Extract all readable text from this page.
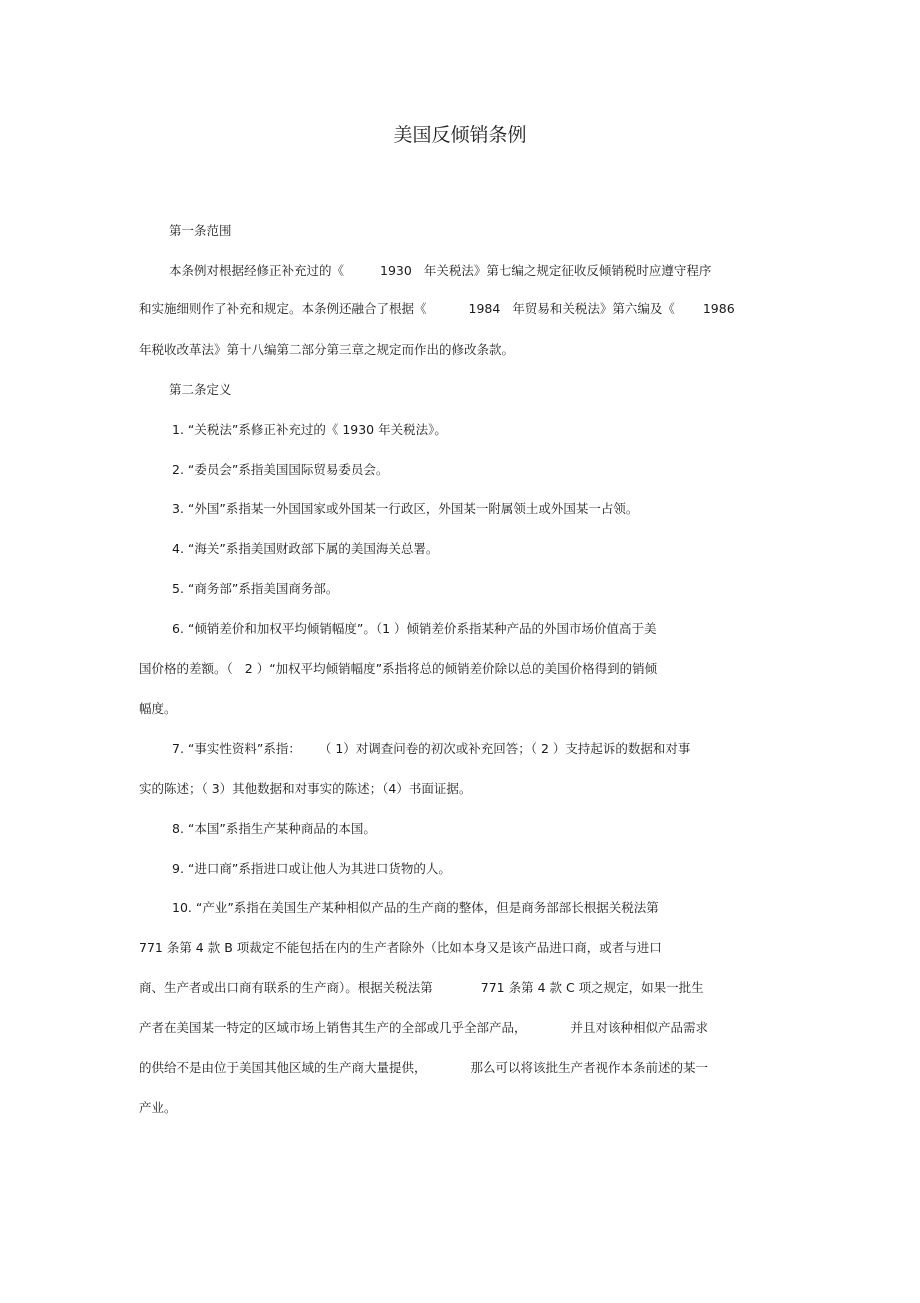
美国反倾销条例
第一条范围
本条例对根据经修正补充过的《	1930 年关税法》第七编之规定征收反倾销税时应遵守程序
和实施细则作了补充和规定。本条例还融合了根据《	1984 年贸易和关税法》第六编及《 1986
年税收改革法》第十八编第二部分第三章之规定而作出的修改条款。
第二条定义
1. “关税法”系修正补充过的《 1930 年关税法》。
2. “委员会”系指美国国际贸易委员会。
3. “外国”系指某一外国国家或外国某一行政区，外国某一附属领土或外国某一占领。
4. “海关”系指美国财政部下属的美国海关总署。
5. “商务部”系指美国商务部。
6. “倾销差价和加权平均倾销幅度”。（1 ）倾销差价系指某种产品的外国市场价值高于美
国价格的差额。（ 2 ）“加权平均倾销幅度”系指将总的倾销差价除以总的美国价格得到的销倾
幅度。
7. “事实性资料”系指： （ 1）对调查问卷的初次或补充回答；（ 2 ）支持起诉的数据和对事
实的陈述；（ 3）其他数据和对事实的陈述；（4）书面证据。
8. “本国”系指生产某种商品的本国。
9. “进口商”系指进口或让他人为其进口货物的人。
10. “产业”系指在美国生产某种相似产品的生产商的整体，但是商务部部长根据关税法第
771 条第 4 款 B 项裁定不能包括在内的生产者除外（比如本身又是该产品进口商，或者与进口
商、生产者或出口商有联系的生产商）。根据关税法第	771 条第 4 款 C 项之规定，如果一批生
产者在美国某一特定的区域市场上销售其生产的全部或几乎全部产品，	并且对该种相似产品需求
的供给不是由位于美国其他区域的生产商大量提供，	那么可以将该批生产者视作本条前述的某一
产业。
